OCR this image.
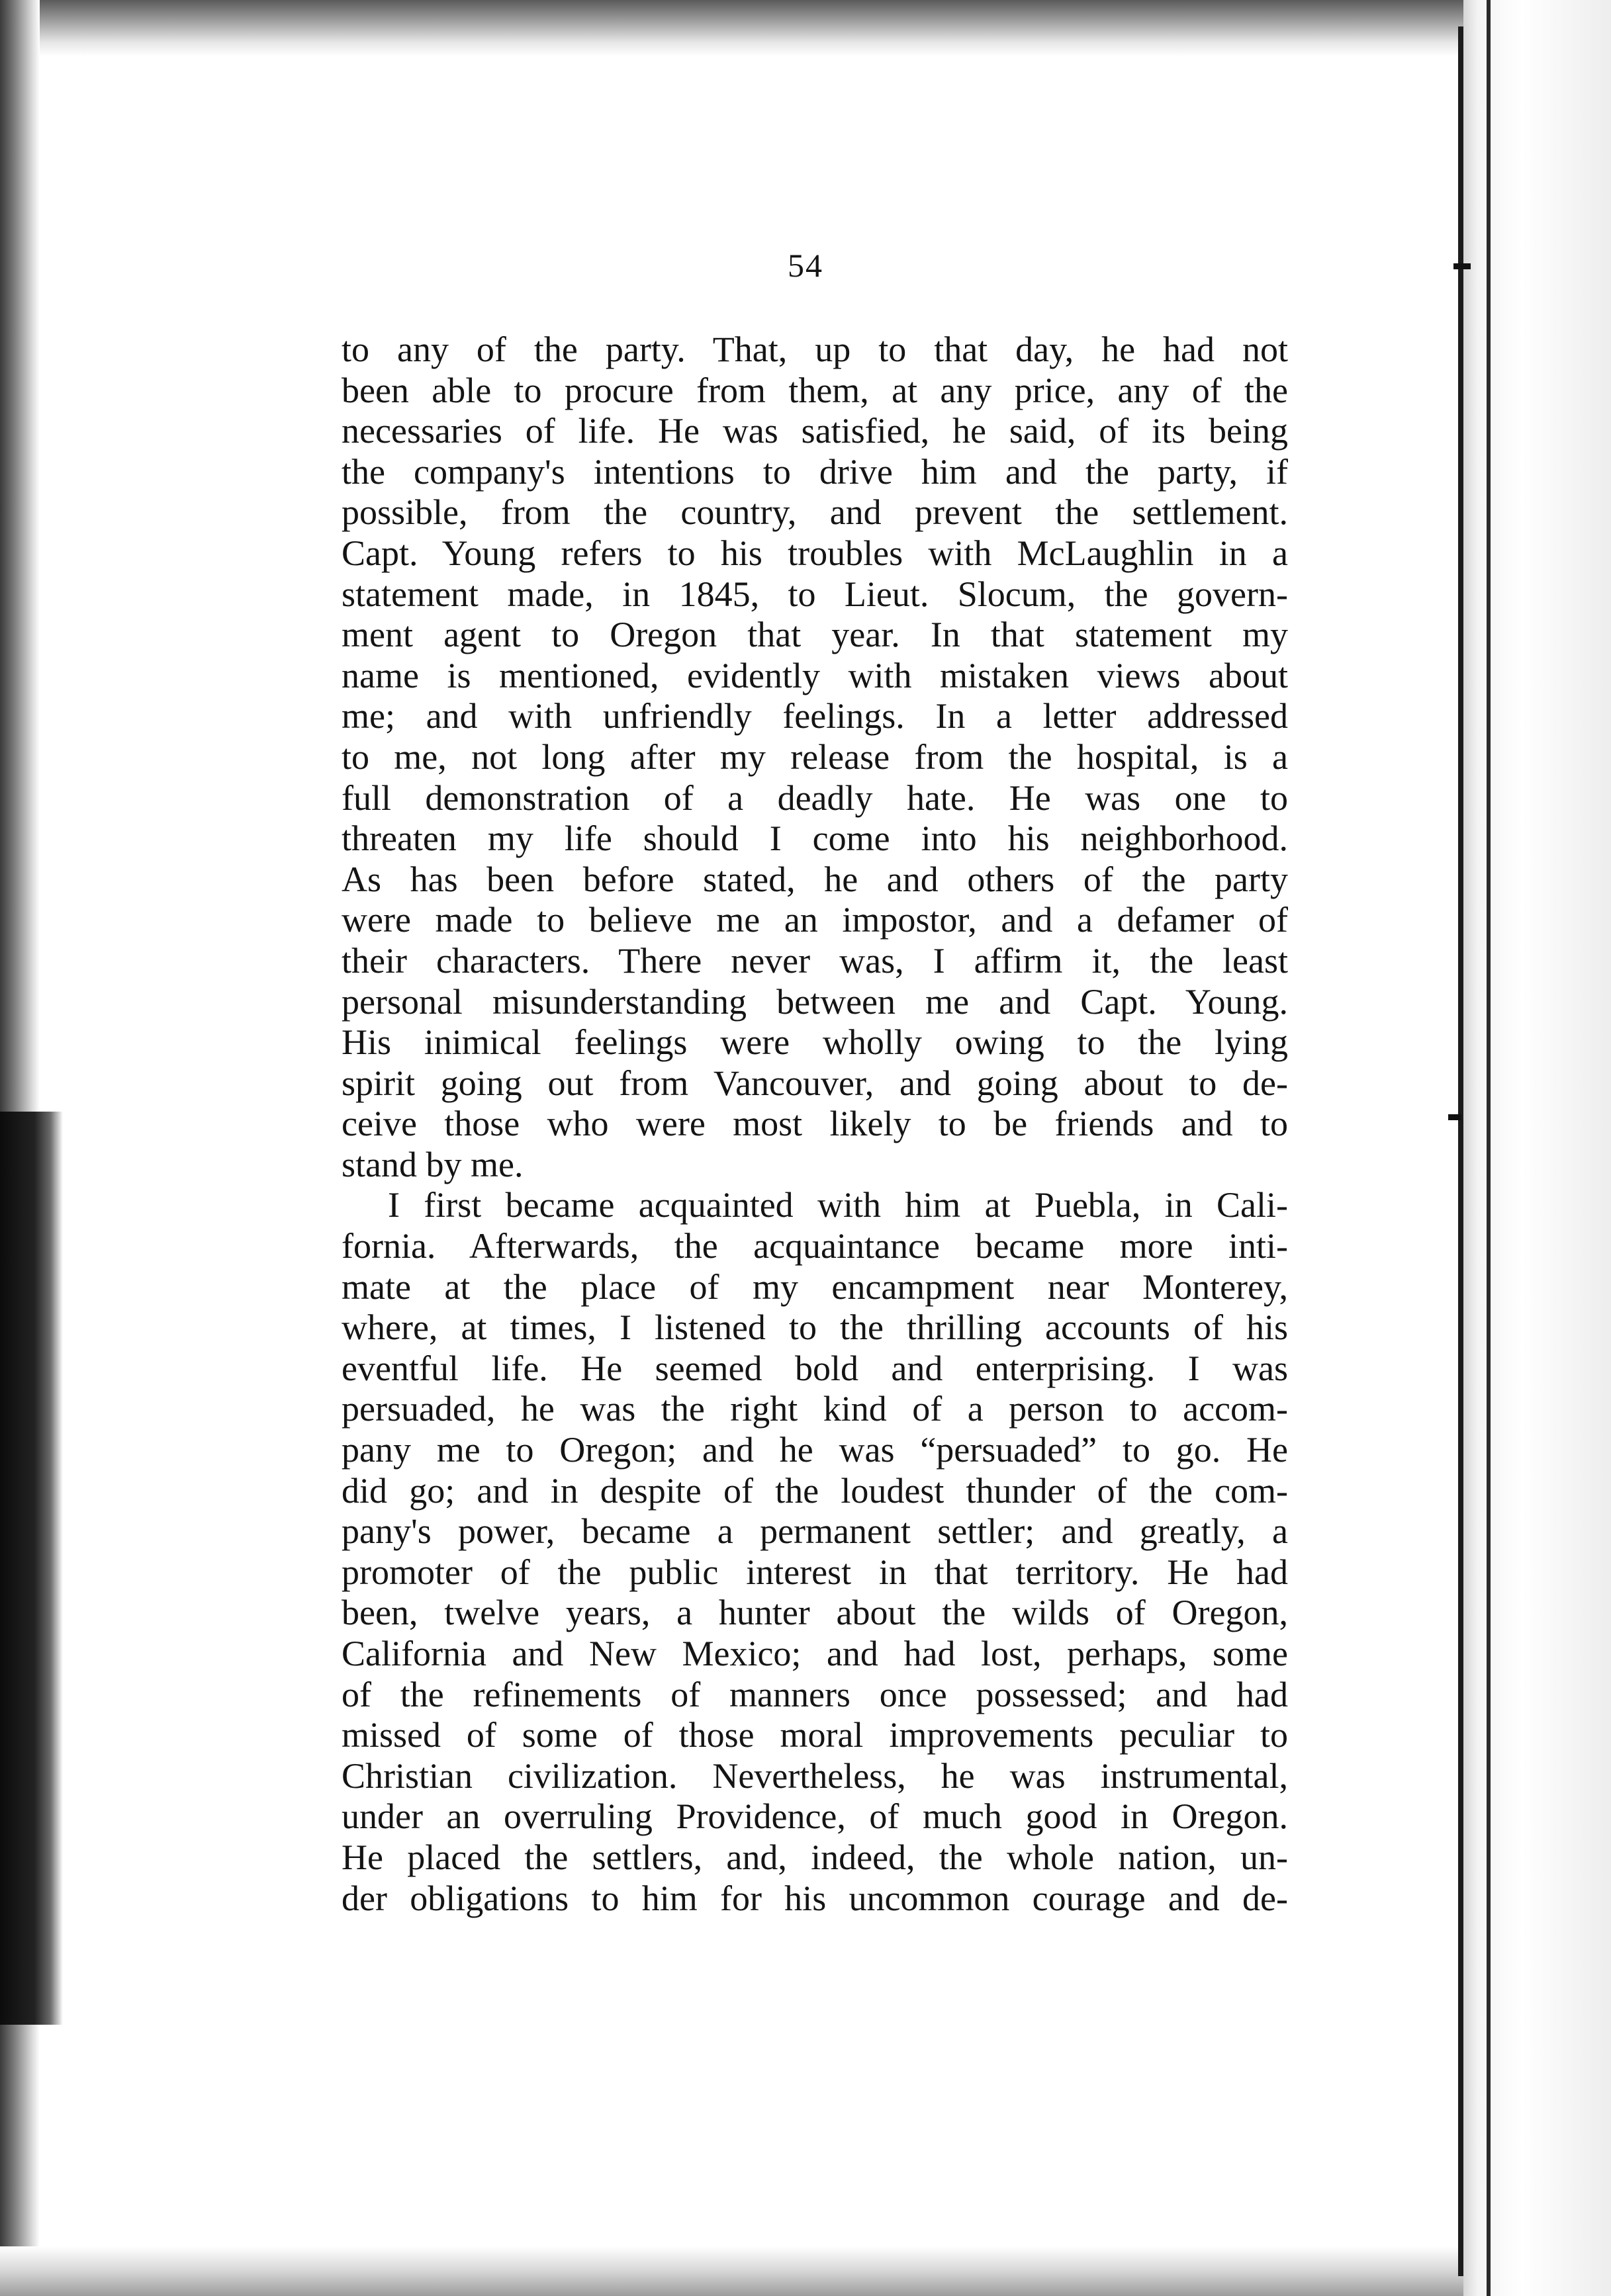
54
to any of the party. That, up to that day, he had not
been able to procure from them, at any price, any of the
necessaries of life. He was satisfied, he said, of its being
the company's intentions to drive him and the party, if
possible, from the country, and prevent the settlement.
Capt. Young refers to his troubles with McLaughlin in a
statement made, in 1845, to Lieut. Slocum, the govern-
ment agent to Oregon that year. In that statement my
name is mentioned, evidently with mistaken views about
me; and with unfriendly feelings. In a letter addressed
to me, not long after my release from the hospital, is a
full demonstration of a deadly hate. He was one to
threaten my life should I come into his neighborhood.
As has been before stated, he and others of the party
were made to believe me an impostor, and a defamer of
their characters. There never was, I affirm it, the least
personal misunderstanding between me and Capt. Young.
His inimical feelings were wholly owing to the lying
spirit going out from Vancouver, and going about to de-
ceive those who were most likely to be friends and to
stand by me.
I first became acquainted with him at Puebla, in Cali-
fornia. Afterwards, the acquaintance became more inti-
mate at the place of my encampment near Monterey,
where, at times, I listened to the thrilling accounts of his
eventful life. He seemed bold and enterprising. I was
persuaded, he was the right kind of a person to accom-
pany me to Oregon; and he was “persuaded” to go. He
did go; and in despite of the loudest thunder of the com-
pany's power, became a permanent settler; and greatly, a
promoter of the public interest in that territory. He had
been, twelve years, a hunter about the wilds of Oregon,
California and New Mexico; and had lost, perhaps, some
of the refinements of manners once possessed; and had
missed of some of those moral improvements peculiar to
Christian civilization. Nevertheless, he was instrumental,
under an overruling Providence, of much good in Oregon.
He placed the settlers, and, indeed, the whole nation, un-
der obligations to him for his uncommon courage and de-
